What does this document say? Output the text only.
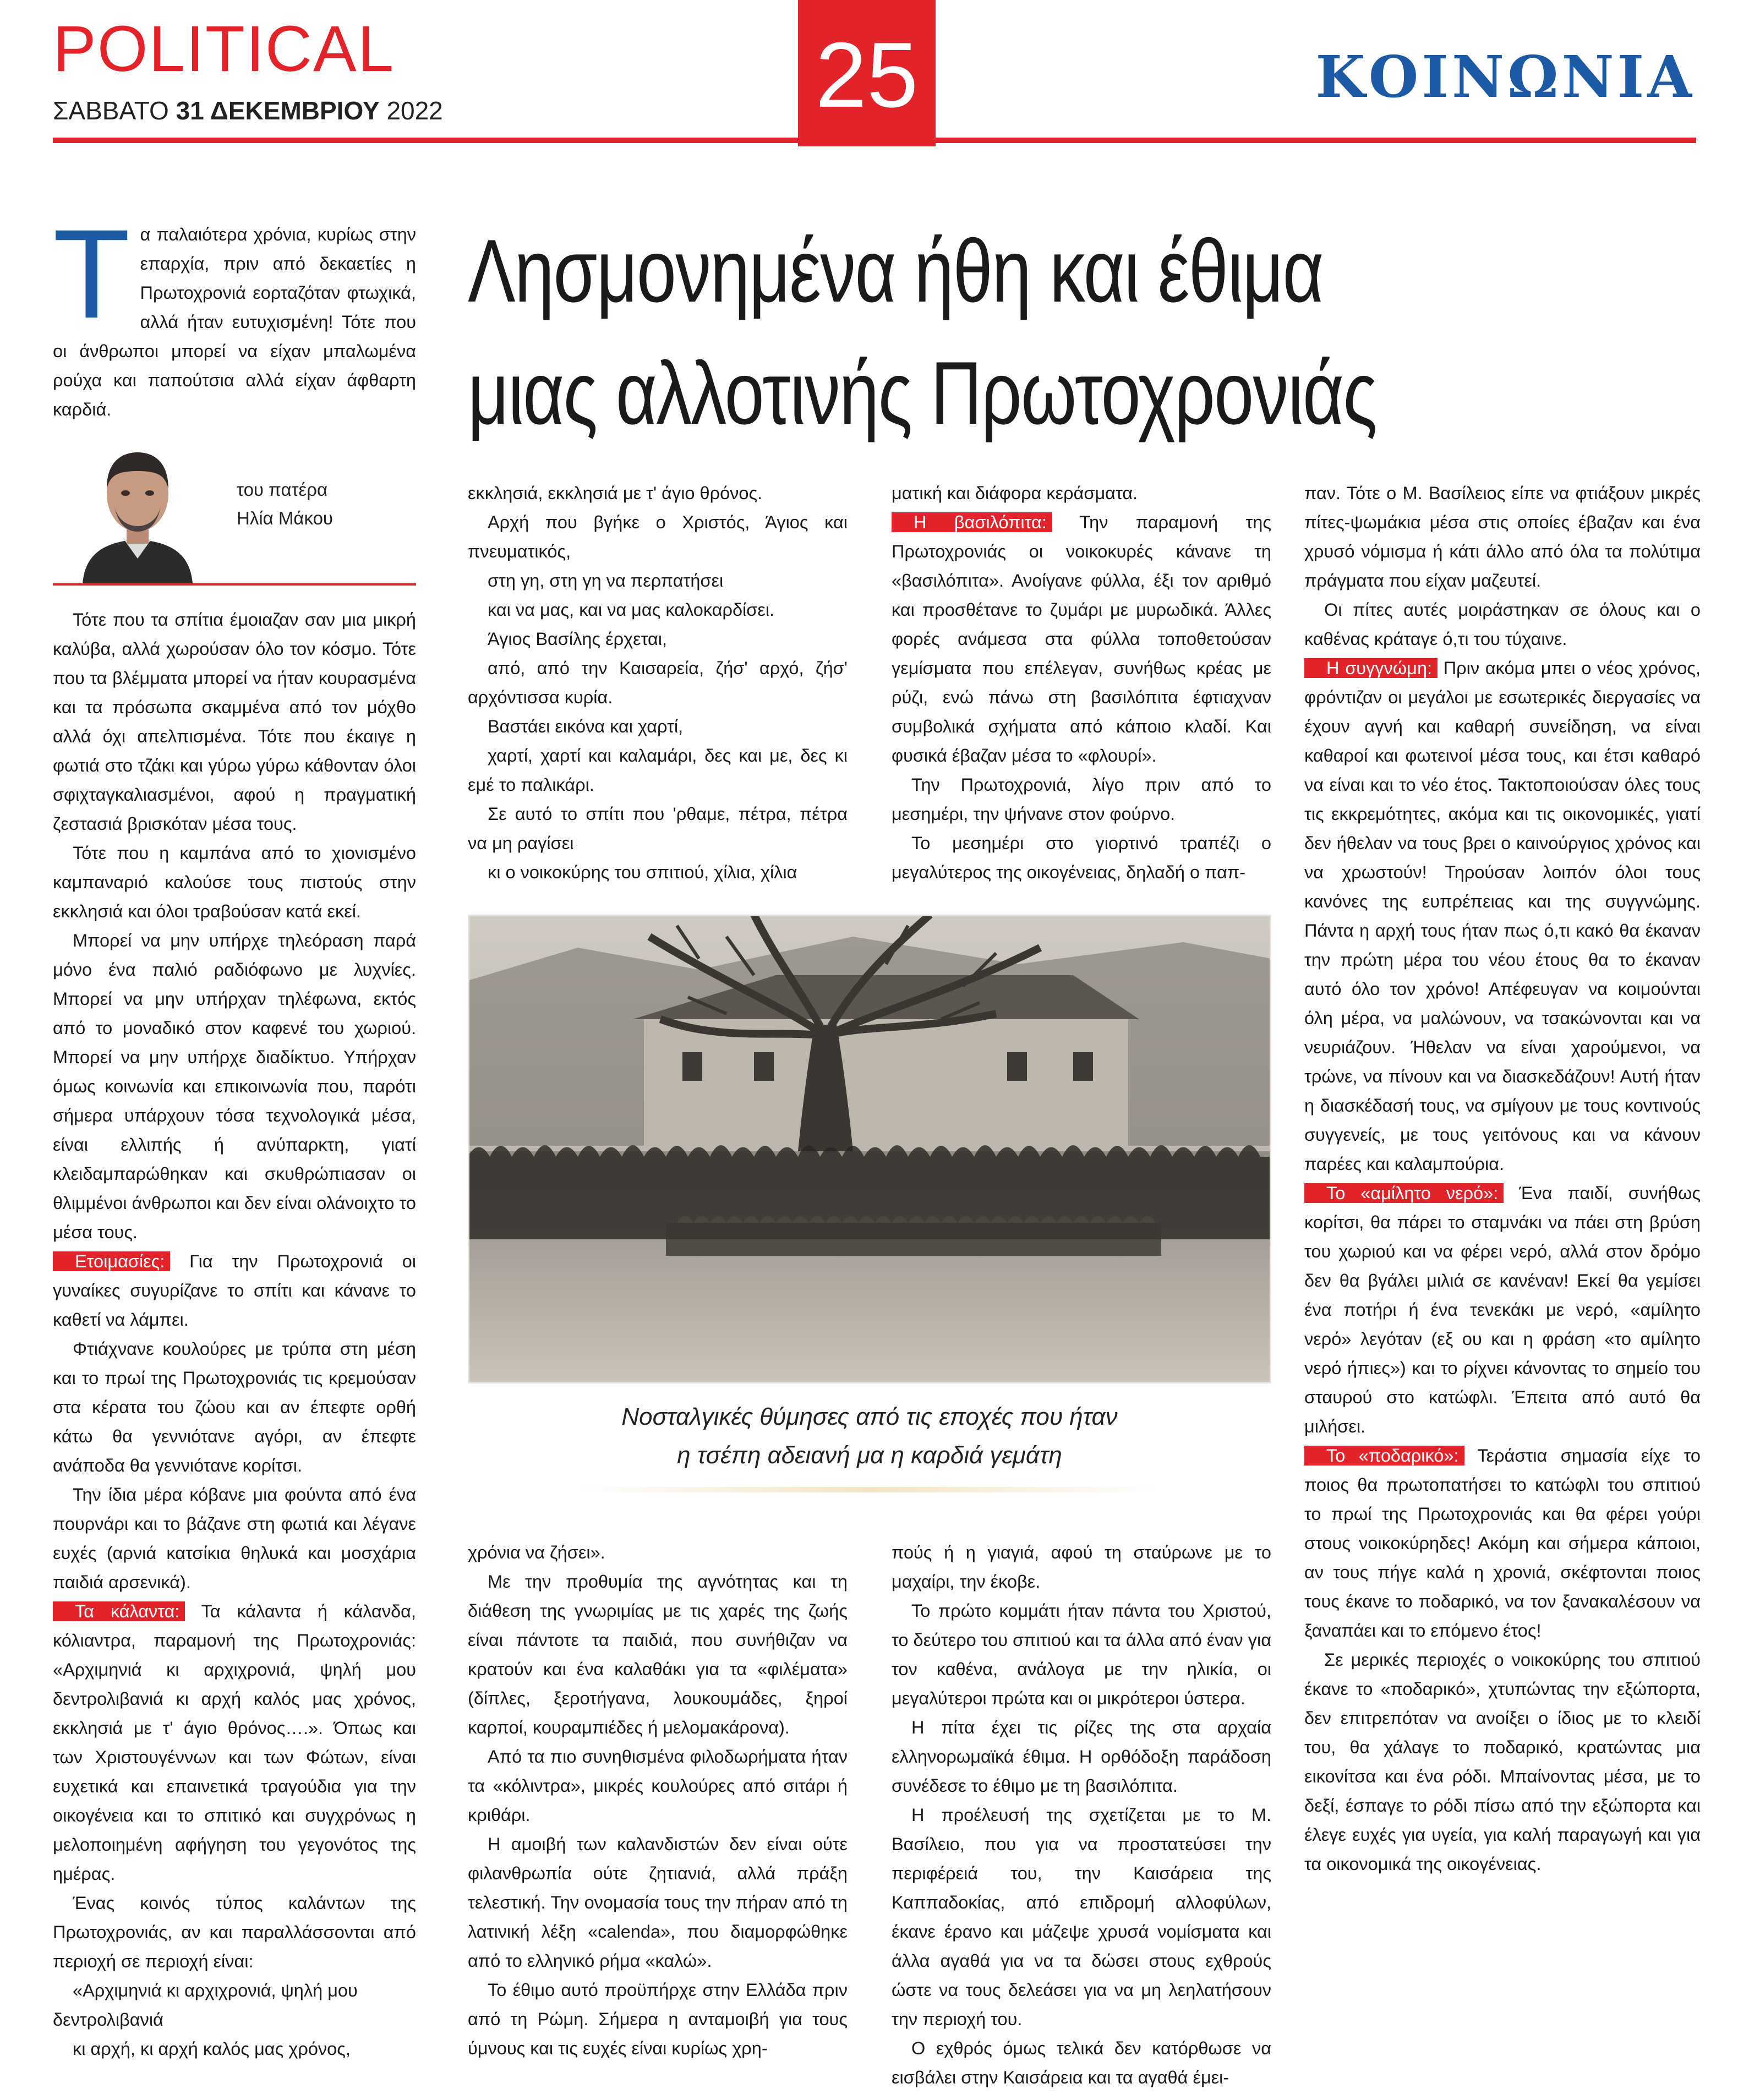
POLITICAL
ΣΑΒΒΑΤΟ 31 ΔΕΚΕΜΒΡΙΟΥ 2022	25	ΚΟΙΝΩΝΙΑ
Λησμονημένα ήθη και έθιμα
μιας αλλοτινής Πρωτοχρονιάς
Τ α παλαιότερα χρόνια, κυρίως στην επαρχία, πριν από δεκαετίες η Πρωτοχρονιά εορταζόταν φτωχικά, αλλά ήταν ευτυχισμένη! Τότε που οι άνθρωποι μπορεί να είχαν μπαλωμένα ρούχα και παπούτσια αλλά είχαν άφθαρτη καρδιά.

του πατέρα
Ηλία Μάκου

Τότε που τα σπίτια έμοιαζαν σαν μια μικρή καλύβα, αλλά χωρούσαν όλο τον κόσμο. Τότε που τα βλέμματα μπορεί να ήταν κουρασμένα και τα πρόσωπα σκαμμένα από τον μόχθο αλλά όχι απελπισμένα. Τότε που έκαιγε η φωτιά στο τζάκι και γύρω γύρω κάθονταν όλοι σφιχταγκαλιασμένοι, αφού η πραγματική ζεστασιά βρισκόταν μέσα τους.

Τότε που η καμπάνα από το χιονισμένο καμπαναριό καλούσε τους πιστούς στην εκκλησιά και όλοι τραβούσαν κατά εκεί.

Μπορεί να μην υπήρχε τηλεόραση παρά μόνο ένα παλιό ραδιόφωνο με λυχνίες. Μπορεί να μην υπήρχαν τηλέφωνα, εκτός από το μοναδικό στον καφενέ του χωριού. Μπορεί να μην υπήρχε διαδίκτυο. Υπήρχαν όμως κοινωνία και επικοινωνία που, παρότι σήμερα υπάρχουν τόσα τεχνολογικά μέσα, είναι ελλιπής ή ανύπαρκτη, γιατί κλειδαμπαρώθηκαν και σκυθρώπιασαν οι θλιμμένοι άνθρωποι και δεν είναι ολάνοιχτο το μέσα τους.

Ετοιμασίες: Για την Πρωτοχρονιά οι γυναίκες συγυρίζανε το σπίτι και κάνανε το καθετί να λάμπει.

Φτιάχνανε κουλούρες με τρύπα στη μέση και το πρωί της Πρωτοχρονιάς τις κρεμούσαν στα κέρατα του ζώου και αν έπεφτε ορθή κάτω θα γεννιότανε αγόρι, αν έπεφτε ανάποδα θα γεννιότανε κορίτσι.

Την ίδια μέρα κόβανε μια φούντα από ένα πουρνάρι και το βάζανε στη φωτιά και λέγανε ευχές (αρνιά κατσίκια θηλυκά και μοσχάρια παιδιά αρσενικά).

Τα κάλαντα: Τα κάλαντα ή κάλανδα, κόλιαντρα, παραμονή της Πρωτοχρονιάς: «Αρχιμηνιά κι αρχιχρονιά, ψηλή μου δεντρολιβανιά κι αρχή καλός μας χρόνος, εκκλησιά με τ' άγιο θρόνος….». Όπως και των Χριστουγέννων και των Φώτων, είναι ευχετικά και επαινετικά τραγούδια για την οικογένεια και το σπιτικό και συγχρόνως η μελοποιημένη αφήγηση του γεγονότος της ημέρας.

Ένας κοινός τύπος καλάντων της Πρωτοχρονιάς, αν και παραλλάσσονται από περιοχή σε περιοχή είναι:

«Αρχιμηνιά κι αρχιχρονιά, ψηλή μου δεντρολιβανιά

κι αρχή, κι αρχή καλός μας χρόνος,

εκκλησιά, εκκλησιά με τ' άγιο θρόνος.

Αρχή που βγήκε ο Χριστός, Άγιος και πνευματικός,

στη γη, στη γη να περπατήσει

και να μας, και να μας καλοκαρδίσει.

Άγιος Βασίλης έρχεται,

από, από την Καισαρεία, ζήσ' αρχό, ζήσ' αρχόντισσα κυρία.

Βαστάει εικόνα και χαρτί,

χαρτί, χαρτί και καλαμάρι, δες και με, δες κι εμέ το παλικάρι.

Σε αυτό το σπίτι που 'ρθαμε, πέτρα, πέτρα να μη ραγίσει

κι ο νοικοκύρης του σπιτιού, χίλια, χίλια

ματική και διάφορα κεράσματα.

Η βασιλόπιτα: Την παραμονή της Πρωτοχρονιάς οι νοικοκυρές κάνανε τη «βασιλόπιτα». Ανοίγανε φύλλα, έξι τον αριθμό και προσθέτανε το ζυμάρι με μυρωδικά. Άλλες φορές ανάμεσα στα φύλλα τοποθετούσαν γεμίσματα που επέλεγαν, συνήθως κρέας με ρύζι, ενώ πάνω στη βασιλόπιτα έφτιαχναν συμβολικά σχήματα από κάποιο κλαδί. Και φυσικά έβαζαν μέσα το «φλουρί».

Την Πρωτοχρονιά, λίγο πριν από το μεσημέρι, την ψήνανε στον φούρνο.

Το μεσημέρι στο γιορτινό τραπέζι ο μεγαλύτερος της οικογένειας, δηλαδή ο παπ-

παν. Τότε ο Μ. Βασίλειος είπε να φτιάξουν μικρές πίτες-ψωμάκια μέσα στις οποίες έβαζαν και ένα χρυσό νόμισμα ή κάτι άλλο από όλα τα πολύτιμα πράγματα που είχαν μαζευτεί.

Οι πίτες αυτές μοιράστηκαν σε όλους και ο καθένας κράταγε ό,τι του τύχαινε.

Η συγγνώμη: Πριν ακόμα μπει ο νέος χρόνος, φρόντιζαν οι μεγάλοι με εσωτερικές διεργασίες να έχουν αγνή και καθαρή συνείδηση, να είναι καθαροί και φωτεινοί μέσα τους, και έτσι καθαρό να είναι και το νέο έτος. Τακτοποιούσαν όλες τους τις εκκρεμότητες, ακόμα και τις οικονομικές, γιατί δεν ήθελαν να τους βρει ο καινούργιος χρόνος και να χρωστούν! Τηρούσαν λοιπόν όλοι τους κανόνες της ευπρέπειας και της συγγνώμης. Πάντα η αρχή τους ήταν πως ό,τι κακό θα έκαναν την πρώτη μέρα του νέου έτους θα το έκαναν αυτό όλο τον χρόνο! Απέφευγαν να κοιμούνται όλη μέρα, να μαλώνουν, να τσακώνονται και να νευριάζουν. Ήθελαν να είναι χαρούμενοι, να τρώνε, να πίνουν και να διασκεδάζουν! Αυτή ήταν η διασκέδασή τους, να σμίγουν με τους κοντινούς συγγενείς, με τους γειτόνους και να κάνουν παρέες και καλαμπούρια.

Το «αμίλητο νερό»: Ένα παιδί, συνήθως κορίτσι, θα πάρει το σταμνάκι να πάει στη βρύση του χωριού και να φέρει νερό, αλλά στον δρόμο δεν θα βγάλει μιλιά σε κανέναν! Εκεί θα γεμίσει ένα ποτήρι ή ένα τενεκάκι με νερό, «αμίλητο νερό» λεγόταν (εξ ου και η φράση «το αμίλητο νερό ήπιες») και το ρίχνει κάνοντας το σημείο του σταυρού στο κατώφλι. Έπειτα από αυτό θα μιλήσει.

Το «ποδαρικό»: Τεράστια σημασία είχε το ποιος θα πρωτοπατήσει το κατώφλι του σπιτιού το πρωί της Πρωτοχρονιάς και θα φέρει γούρι στους νοικοκύρηδες! Ακόμη και σήμερα κάποιοι, αν τους πήγε καλά η χρονιά, σκέφτονται ποιος τους έκανε το ποδαρικό, να τον ξανακαλέσουν να ξαναπάει και το επόμενο έτος!

Σε μερικές περιοχές ο νοικοκύρης του σπιτιού έκανε το «ποδαρικό», χτυπώντας την εξώπορτα, δεν επιτρεπόταν να ανοίξει ο ίδιος με το κλειδί του, θα χάλαγε το ποδαρικό, κρατώντας μια εικονίτσα και ένα ρόδι. Μπαίνοντας μέσα, με το δεξί, έσπαγε το ρόδι πίσω από την εξώπορτα και έλεγε ευχές για υγεία, για καλή παραγωγή και για τα οικονομικά της οικογένειας.

Νοσταλγικές θύμησες από τις εποχές που ήταν
η τσέπη αδειανή μα η καρδιά γεμάτη

χρόνια να ζήσει».

Με την προθυμία της αγνότητας και τη διάθεση της γνωριμίας με τις χαρές της ζωής είναι πάντοτε τα παιδιά, που συνήθιζαν να κρατούν και ένα καλαθάκι για τα «φιλέματα» (δίπλες, ξεροτήγανα, λουκουμάδες, ξηροί καρποί, κουραμπιέδες ή μελομακάρονα).

Από τα πιο συνηθισμένα φιλοδωρήματα ήταν τα «κόλιντρα», μικρές κουλούρες από σιτάρι ή κριθάρι.

Η αμοιβή των καλανδιστών δεν είναι ούτε φιλανθρωπία ούτε ζητιανιά, αλλά πράξη τελεστική. Την ονομασία τους την πήραν από τη λατινική λέξη «calenda», που διαμορφώθηκε από το ελληνικό ρήμα «καλώ».

Το έθιμο αυτό προϋπήρχε στην Ελλάδα πριν από τη Ρώμη. Σήμερα η ανταμοιβή για τους ύμνους και τις ευχές είναι κυρίως χρη-

πούς ή η γιαγιά, αφού τη σταύρωνε με το μαχαίρι, την έκοβε.

Το πρώτο κομμάτι ήταν πάντα του Χριστού, το δεύτερο του σπιτιού και τα άλλα από έναν για τον καθένα, ανάλογα με την ηλικία, οι μεγαλύτεροι πρώτα και οι μικρότεροι ύστερα.

Η πίτα έχει τις ρίζες της στα αρχαία ελληνορωμαϊκά έθιμα. Η ορθόδοξη παράδοση συνέδεσε το έθιμο με τη βασιλόπιτα.

Η προέλευσή της σχετίζεται με το Μ. Βασίλειο, που για να προστατεύσει την περιφέρειά του, την Καισάρεια της Καππαδοκίας, από επιδρομή αλλοφύλων, έκανε έρανο και μάζεψε χρυσά νομίσματα και άλλα αγαθά για να τα δώσει στους εχθρούς ώστε να τους δελεάσει για να μη λεηλατήσουν την περιοχή του.

Ο εχθρός όμως τελικά δεν κατόρθωσε να εισβάλει στην Καισάρεια και τα αγαθά έμει-
